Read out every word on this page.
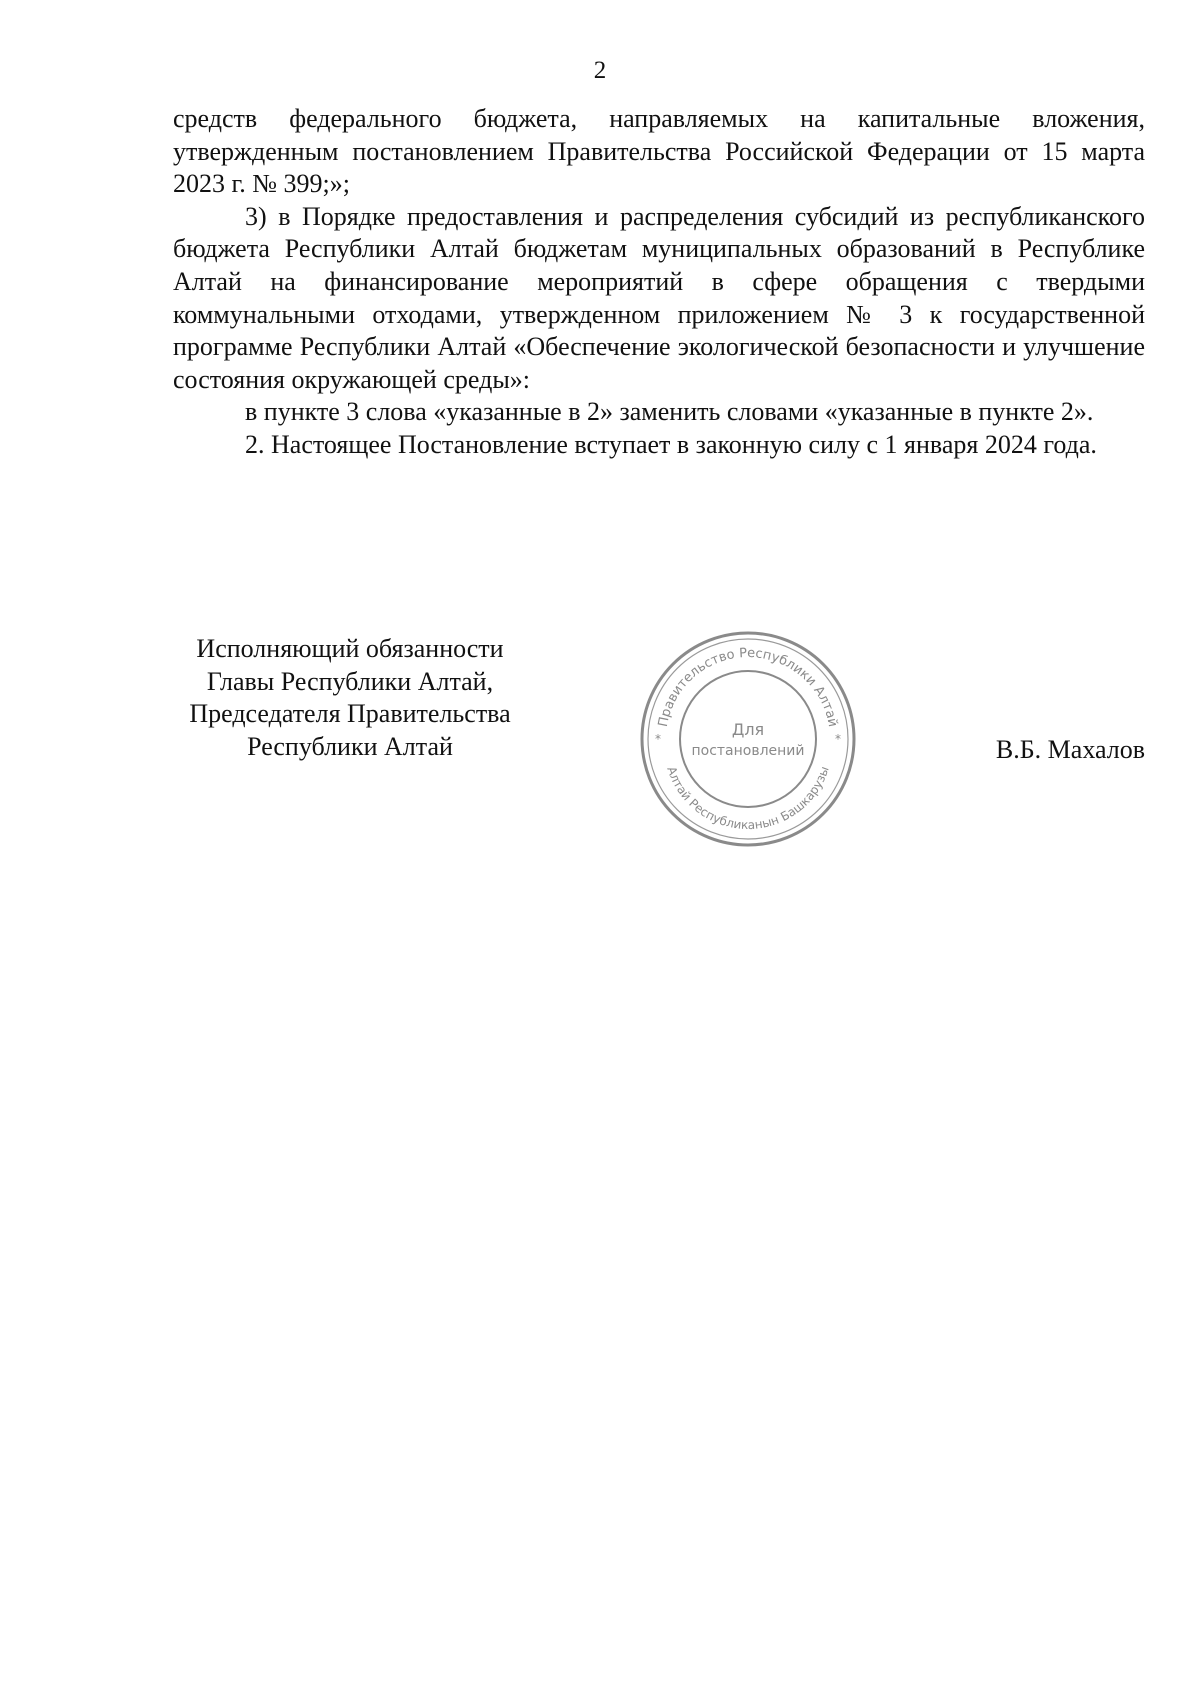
2

средств федерального бюджета, направляемых на капитальные вложения, утвержденным постановлением Правительства Российской Федерации от 15 марта 2023 г. № 399;»;

3) в Порядке предоставления и распределения субсидий из республиканского бюджета Республики Алтай бюджетам муниципальных образований в Республике Алтай на финансирование мероприятий в сфере обращения с твердыми коммунальными отходами, утвержденном приложением № 3 к государственной программе Республики Алтай «Обеспечение экологической безопасности и улучшение состояния окружающей среды»:

в пункте 3 слова «указанные в 2» заменить словами «указанные в пункте 2».

2. Настоящее Постановление вступает в законную силу с 1 января 2024 года.

Исполняющий обязанности
Главы Республики Алтай,
Председателя Правительства
Республики Алтай
Правительство Республики Алтай
Алтай Республиканын Башкарузы
*	*
Для
постановлений	В.Б. Махалов
